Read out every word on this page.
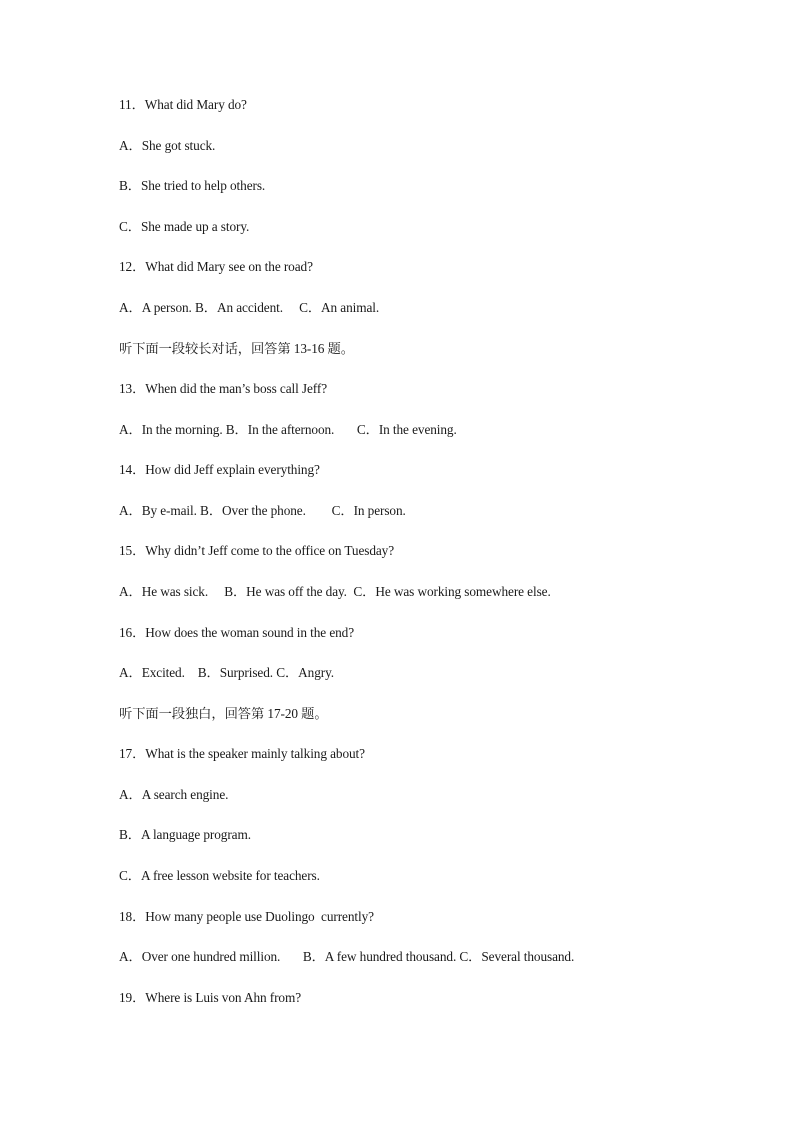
11．What did Mary do?
A．She got stuck.
B．She tried to help others.
C．She made up a story.
12．What did Mary see on the road?
A．A person. B．An accident.     C．An animal.
听下面一段较长对话，回答第 13-16 题。
13．When did the man’s boss call Jeff?
A．In the morning. B．In the afternoon.       C．In the evening.
14．How did Jeff explain everything?
A．By e-mail. B．Over the phone.        C．In person.
15．Why didn’t Jeff come to the office on Tuesday?
A．He was sick.     B．He was off the day.  C．He was working somewhere else.
16．How does the woman sound in the end?
A．Excited.    B．Surprised. C．Angry.
听下面一段独白，回答第 17-20 题。
17．What is the speaker mainly talking about?
A．A search engine.
B．A language program.
C．A free lesson website for teachers.
18．How many people use Duolingo  currently?
A．Over one hundred million.       B．A few hundred thousand. C．Several thousand.
19．Where is Luis von Ahn from?
